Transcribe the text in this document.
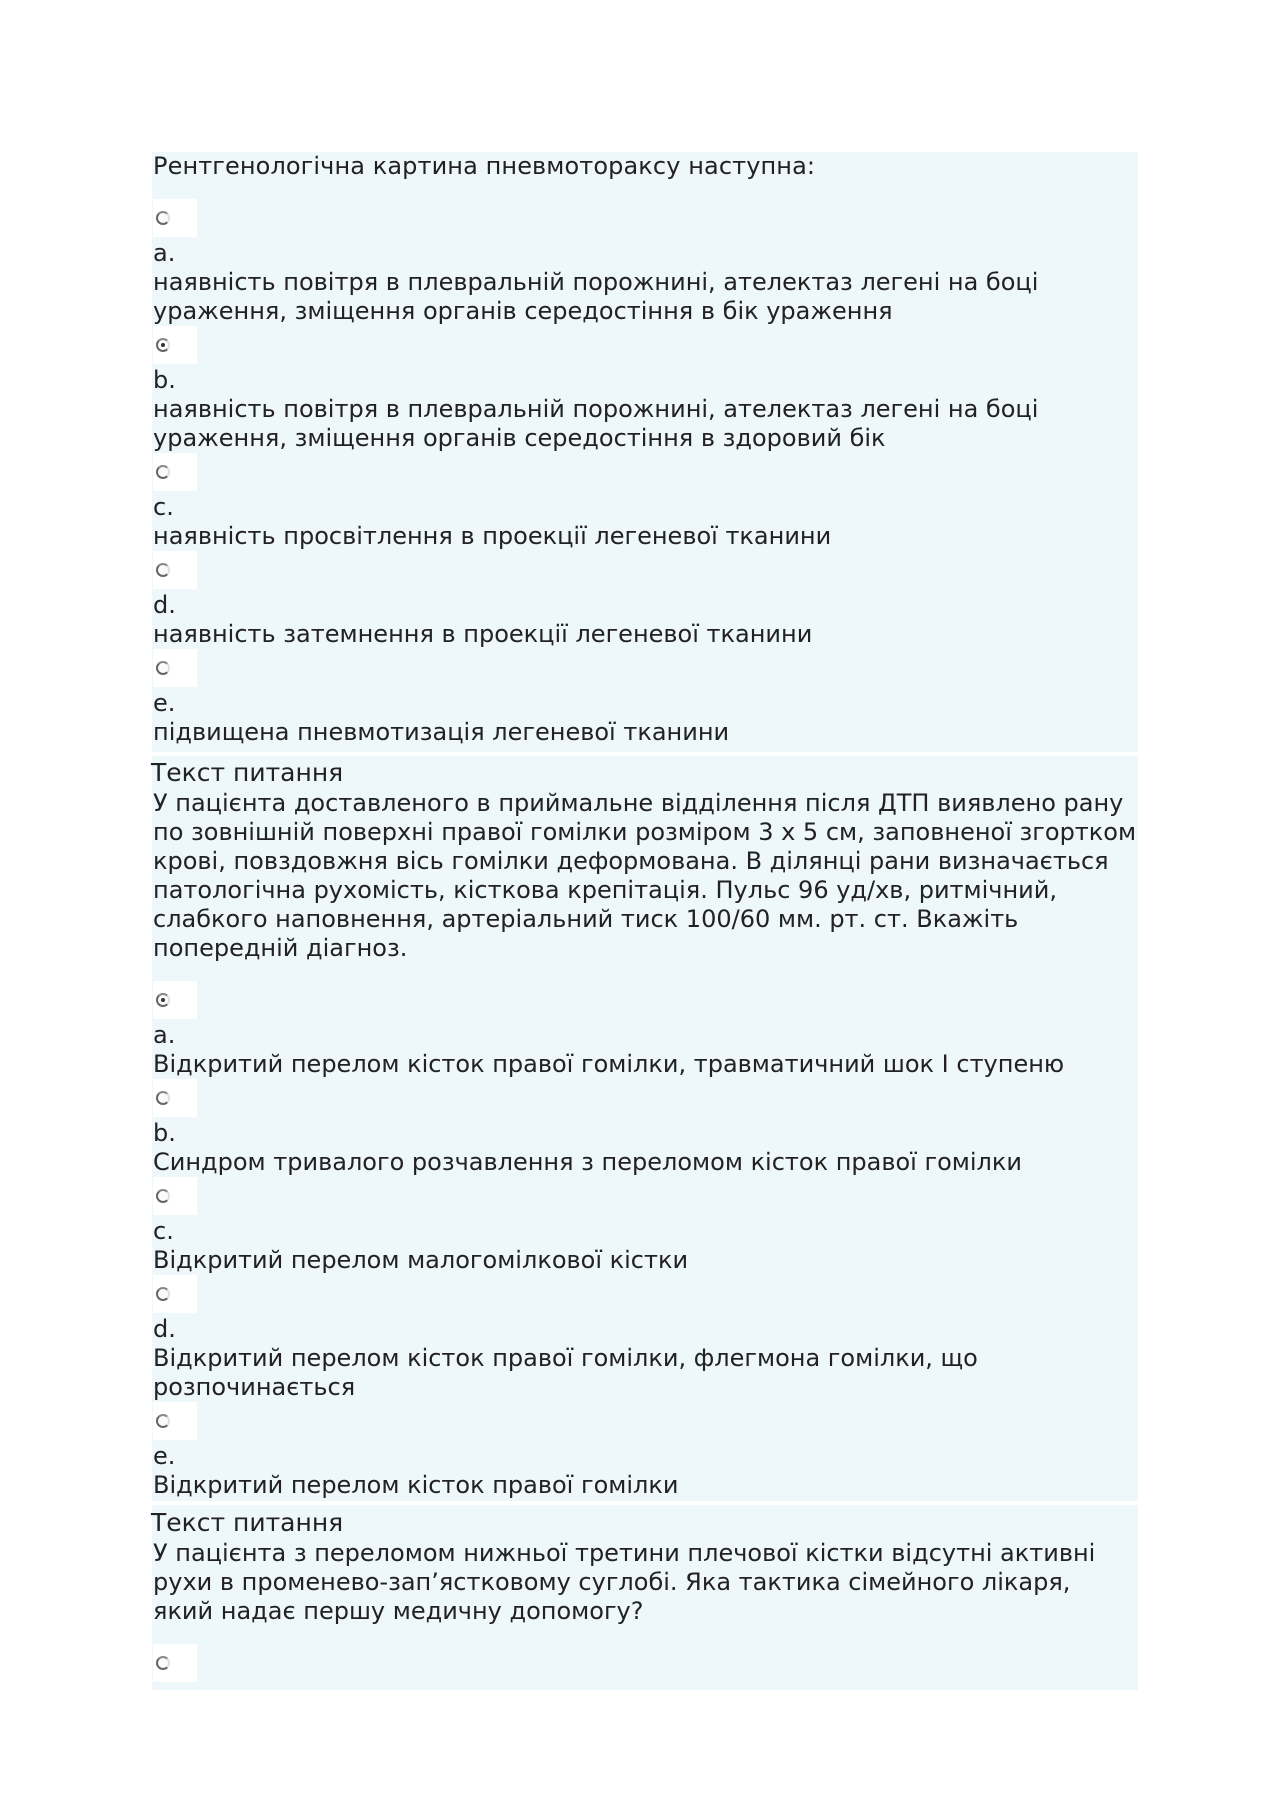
Рентгенологічна картина пневмотораксу наступна:
a.
наявність повітря в плевральній порожнині, ателектаз легені на боці ураження, зміщення органів середостіння в бік ураження
b.
наявність повітря в плевральній порожнині, ателектаз легені на боці ураження, зміщення органів середостіння в здоровий бік
c.
наявність просвітлення в проекції легеневої тканини
d.
наявність затемнення в проекції легеневої тканини
e.
підвищена пневмотизація легеневої тканини
Текст питання
У пацієнта доставленого в приймальне відділення після ДТП виявлено рану по зовнішній поверхні правої гомілки розміром 3 х 5 см, заповненої згортком крові, повздовжня вісь гомілки деформована. В ділянці рани визначається патологічна рухомість, кісткова крепітація. Пульс 96 уд/хв, ритмічний, слабкого наповнення, артеріальний тиск 100/60 мм. рт. ст. Вкажіть попередній діагноз.
a.
Відкритий перелом кісток правої гомілки, травматичний шок I ступеню
b.
Синдром тривалого розчавлення з переломом кісток правої гомілки
c.
Відкритий перелом малогомілкової кістки
d.
Відкритий перелом кісток правої гомілки, флегмона гомілки, що розпочинається
e.
Відкритий перелом кісток правої гомілки
Текст питання
У пацієнта з переломом нижньої третини плечової кістки відсутні активні рухи в променево-зап’ястковому суглобі. Яка тактика сімейного лікаря, який надає першу медичну допомогу?
